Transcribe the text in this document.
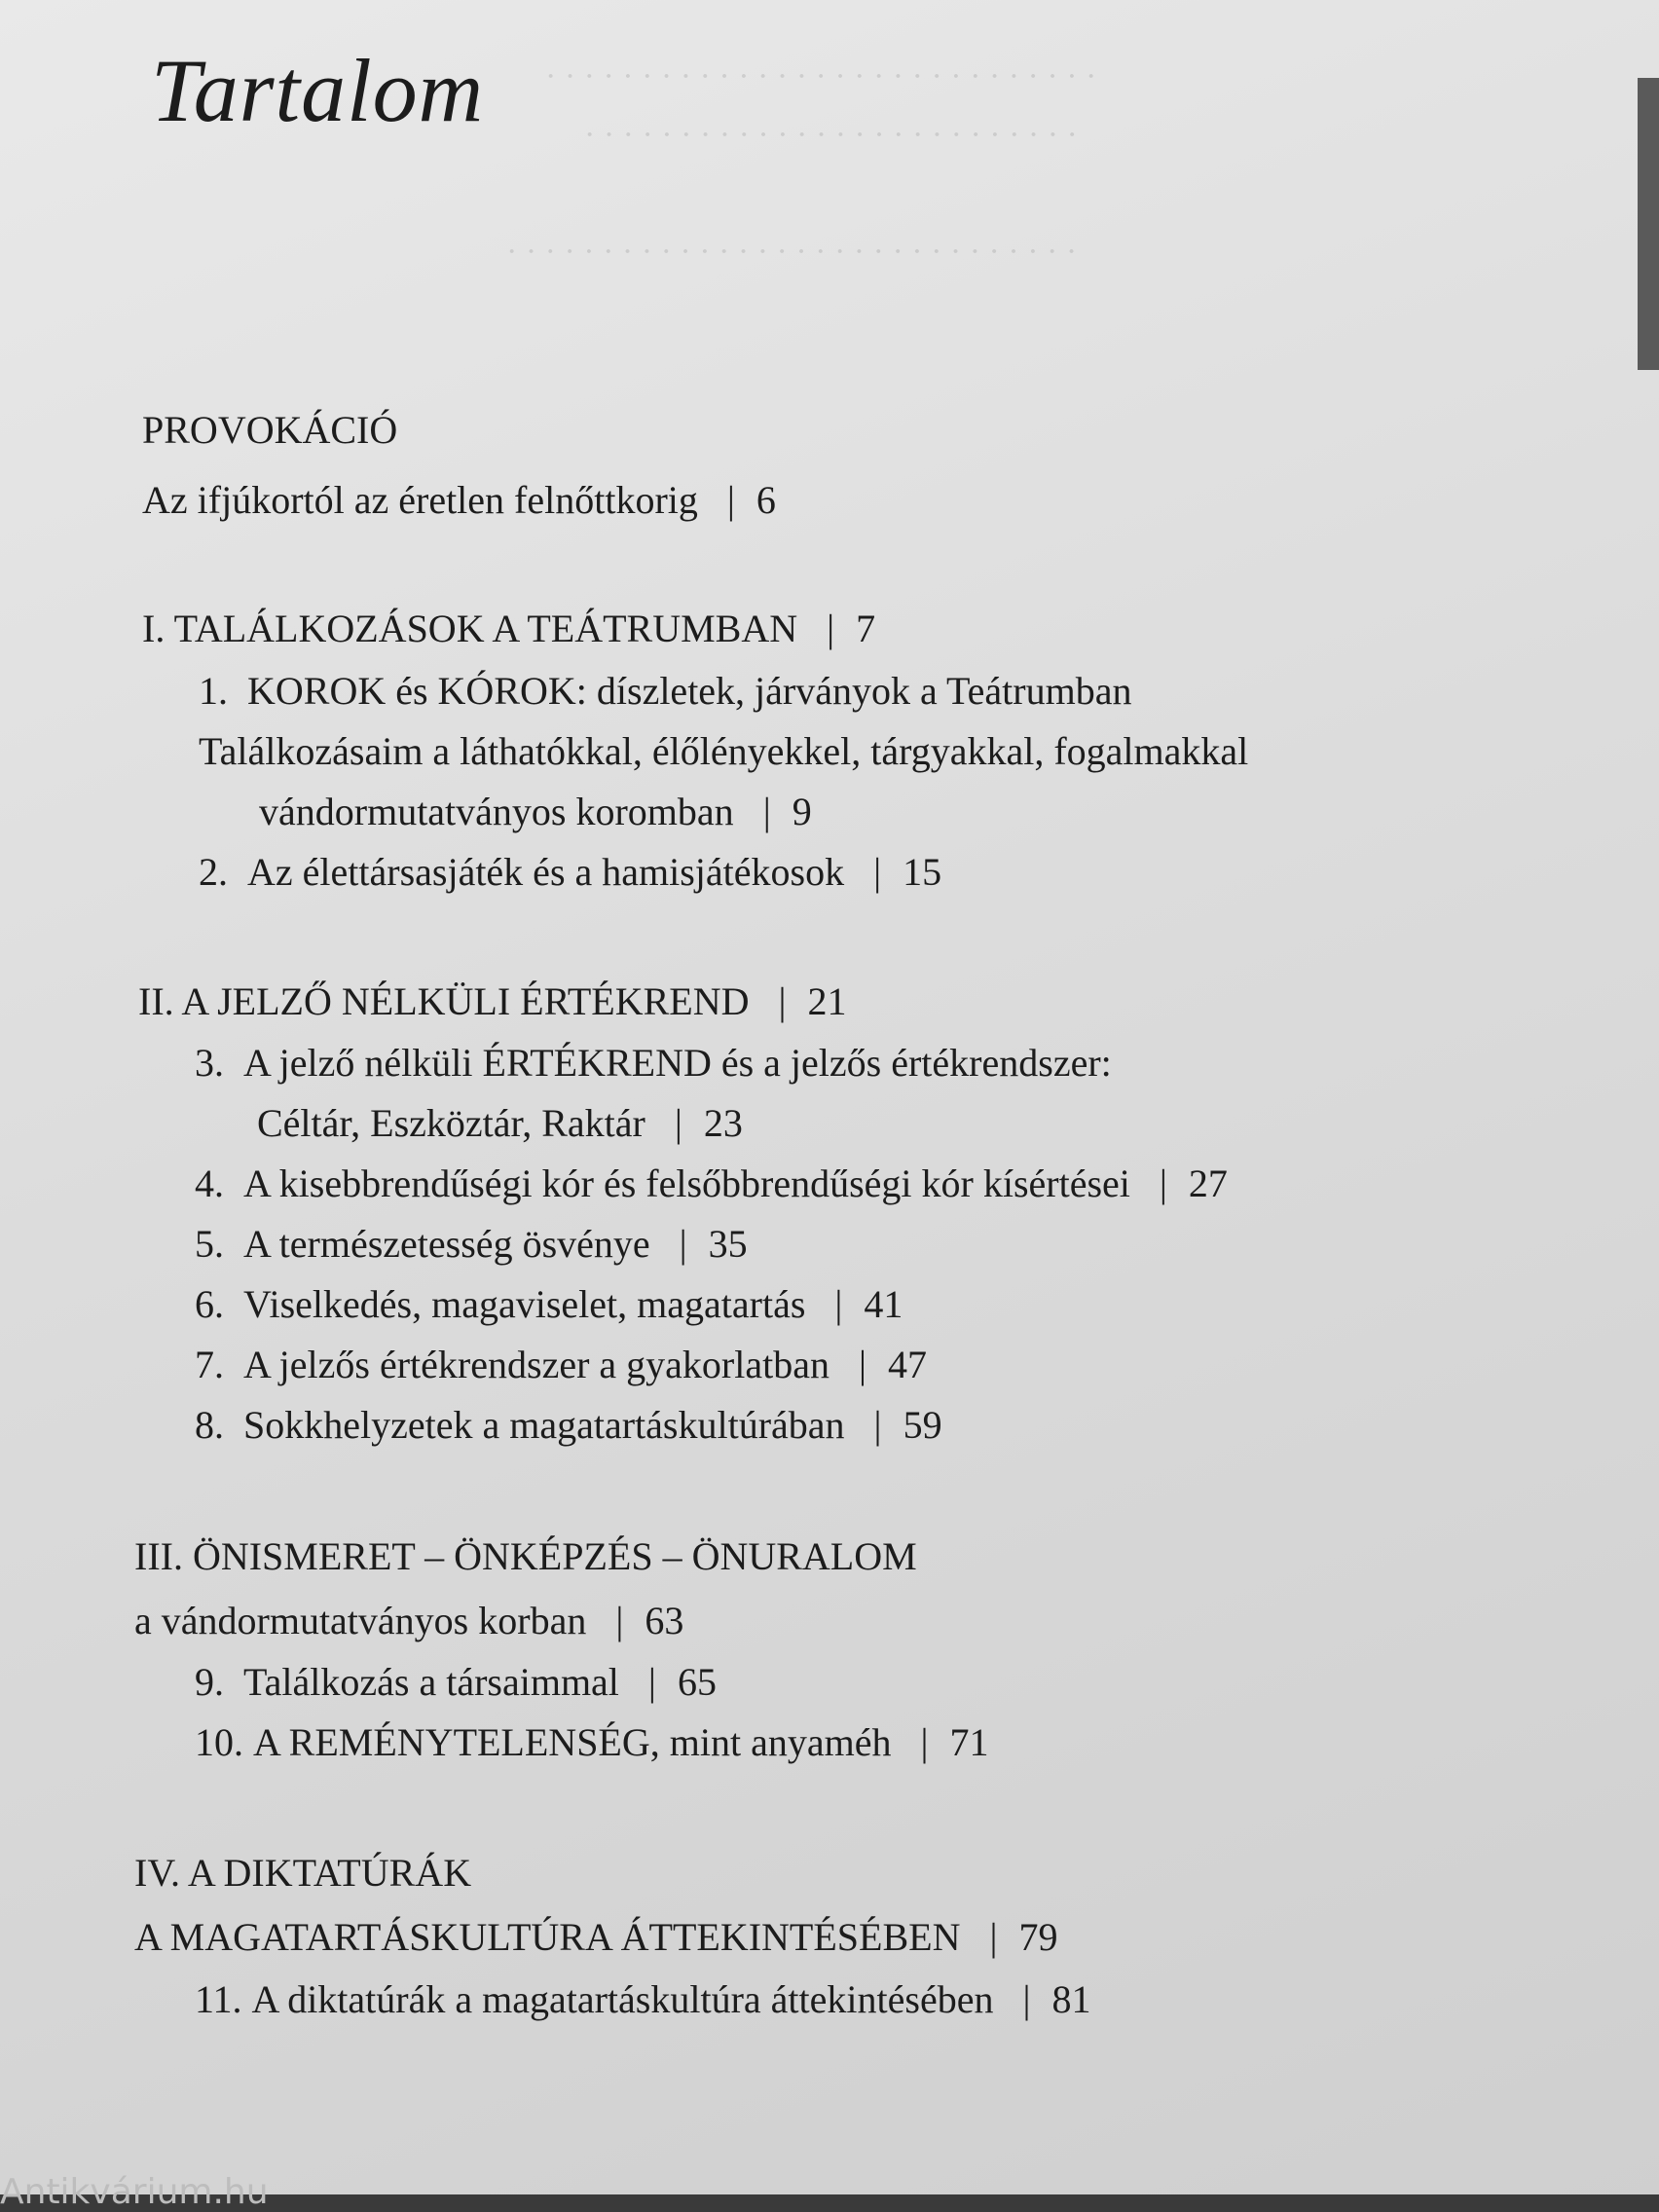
· · · · · · · · · · · · · · · · · · · · · · · · · · · · ·
· · · · · · · · · · · · · · · · · · · · · · · · · ·
· · · · · · · · · · · · · · · · · · · · · · · · · · · · · ·
Tartalom
PROVOKÁCIÓ
Az ifjúkortól az éretlen felnőttkorig | 6
I. TALÁLKOZÁSOK A TEÁTRUMBAN | 7
1. KOROK és KÓROK: díszletek, járványok a Teátrumban
Találkozásaim a láthatókkal, élőlényekkel, tárgyakkal, fogalmakkal
vándormutatványos koromban | 9
2. Az élettársasjáték és a hamisjátékosok | 15
II. A JELZŐ NÉLKÜLI ÉRTÉKREND | 21
3. A jelző nélküli ÉRTÉKREND és a jelzős értékrendszer:
Céltár, Eszköztár, Raktár | 23
4. A kisebbrendűségi kór és felsőbbrendűségi kór kísértései | 27
5. A természetesség ösvénye | 35
6. Viselkedés, magaviselet, magatartás | 41
7. A jelzős értékrendszer a gyakorlatban | 47
8. Sokkhelyzetek a magatartáskultúrában | 59
III. ÖNISMERET – ÖNKÉPZÉS – ÖNURALOM
a vándormutatványos korban | 63
9. Találkozás a társaimmal | 65
10. A REMÉNYTELENSÉG, mint anyaméh | 71
IV. A DIKTATÚRÁK
A MAGATARTÁSKULTÚRA ÁTTEKINTÉSÉBEN | 79
11. A diktatúrák a magatartáskultúra áttekintésében | 81
Antikvárium.hu
